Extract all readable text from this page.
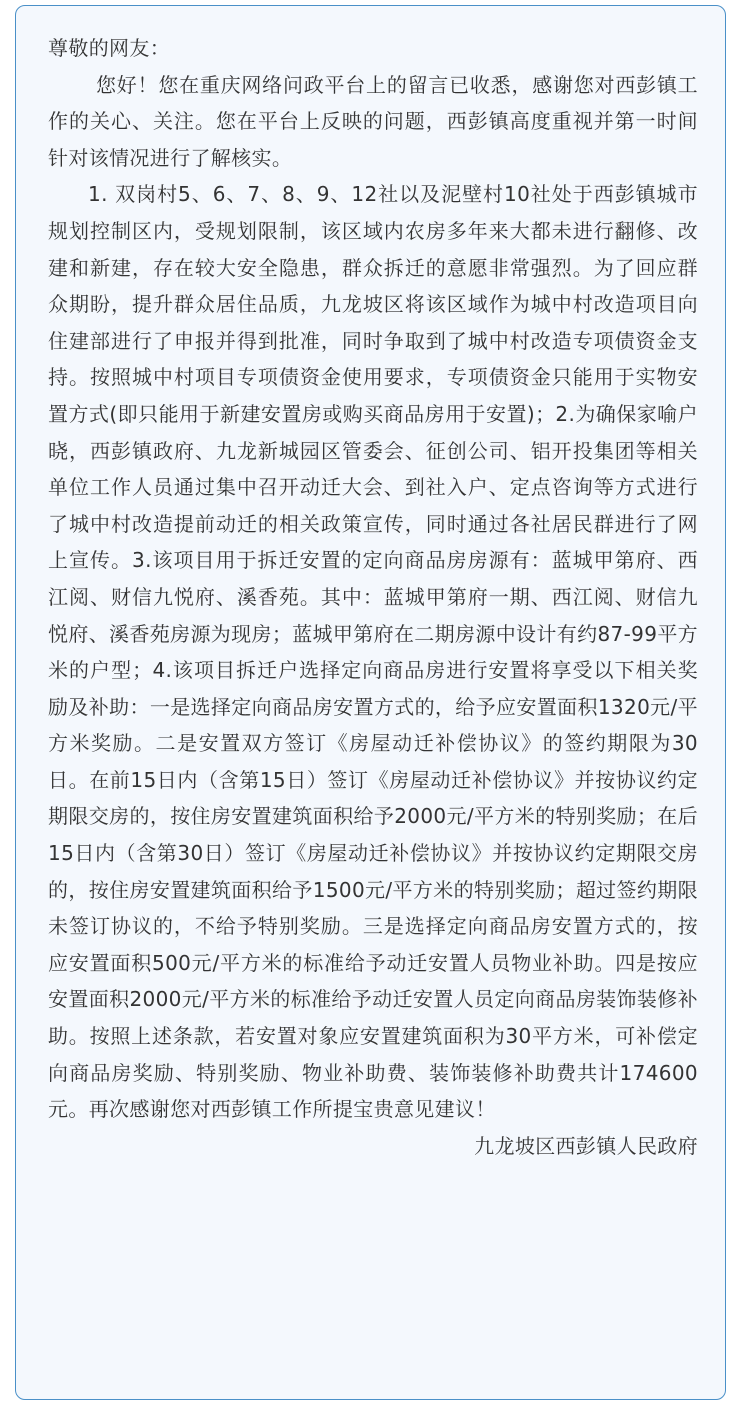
尊敬的网友：

您好！您在重庆网络问政平台上的留言已收悉，感谢您对西彭镇工作的关心、关注。您在平台上反映的问题，西彭镇高度重视并第一时间针对该情况进行了解核实。

1. 双岗村5、6、7、8、9、12社以及泥壁村10社处于西彭镇城市规划控制区内，受规划限制，该区域内农房多年来大都未进行翻修、改建和新建，存在较大安全隐患，群众拆迁的意愿非常强烈。为了回应群众期盼，提升群众居住品质，九龙坡区将该区域作为城中村改造项目向住建部进行了申报并得到批准，同时争取到了城中村改造专项债资金支持。按照城中村项目专项债资金使用要求，专项债资金只能用于实物安置方式(即只能用于新建安置房或购买商品房用于安置)；2.为确保家喻户晓，西彭镇政府、九龙新城园区管委会、征创公司、铝开投集团等相关单位工作人员通过集中召开动迁大会、到社入户、定点咨询等方式进行了城中村改造提前动迁的相关政策宣传，同时通过各社居民群进行了网上宣传。3.该项目用于拆迁安置的定向商品房房源有：蓝城甲第府、西江阅、财信九悦府、溪香苑。其中：蓝城甲第府一期、西江阅、财信九悦府、溪香苑房源为现房；蓝城甲第府在二期房源中设计有约87-99平方米的户型；4.该项目拆迁户选择定向商品房进行安置将享受以下相关奖励及补助：一是选择定向商品房安置方式的，给予应安置面积1320元/平方米奖励。二是安置双方签订《房屋动迁补偿协议》的签约期限为30日。在前15日内（含第15日）签订《房屋动迁补偿协议》并按协议约定期限交房的，按住房安置建筑面积给予2000元/平方米的特别奖励；在后15日内（含第30日）签订《房屋动迁补偿协议》并按协议约定期限交房的，按住房安置建筑面积给予1500元/平方米的特别奖励；超过签约期限未签订协议的，不给予特别奖励。三是选择定向商品房安置方式的，按应安置面积500元/平方米的标准给予动迁安置人员物业补助。四是按应安置面积2000元/平方米的标准给予动迁安置人员定向商品房装饰装修补助。按照上述条款，若安置对象应安置建筑面积为30平方米，可补偿定向商品房奖励、特别奖励、物业补助费、装饰装修补助费共计174600元。再次感谢您对西彭镇工作所提宝贵意见建议！

九龙坡区西彭镇人民政府
